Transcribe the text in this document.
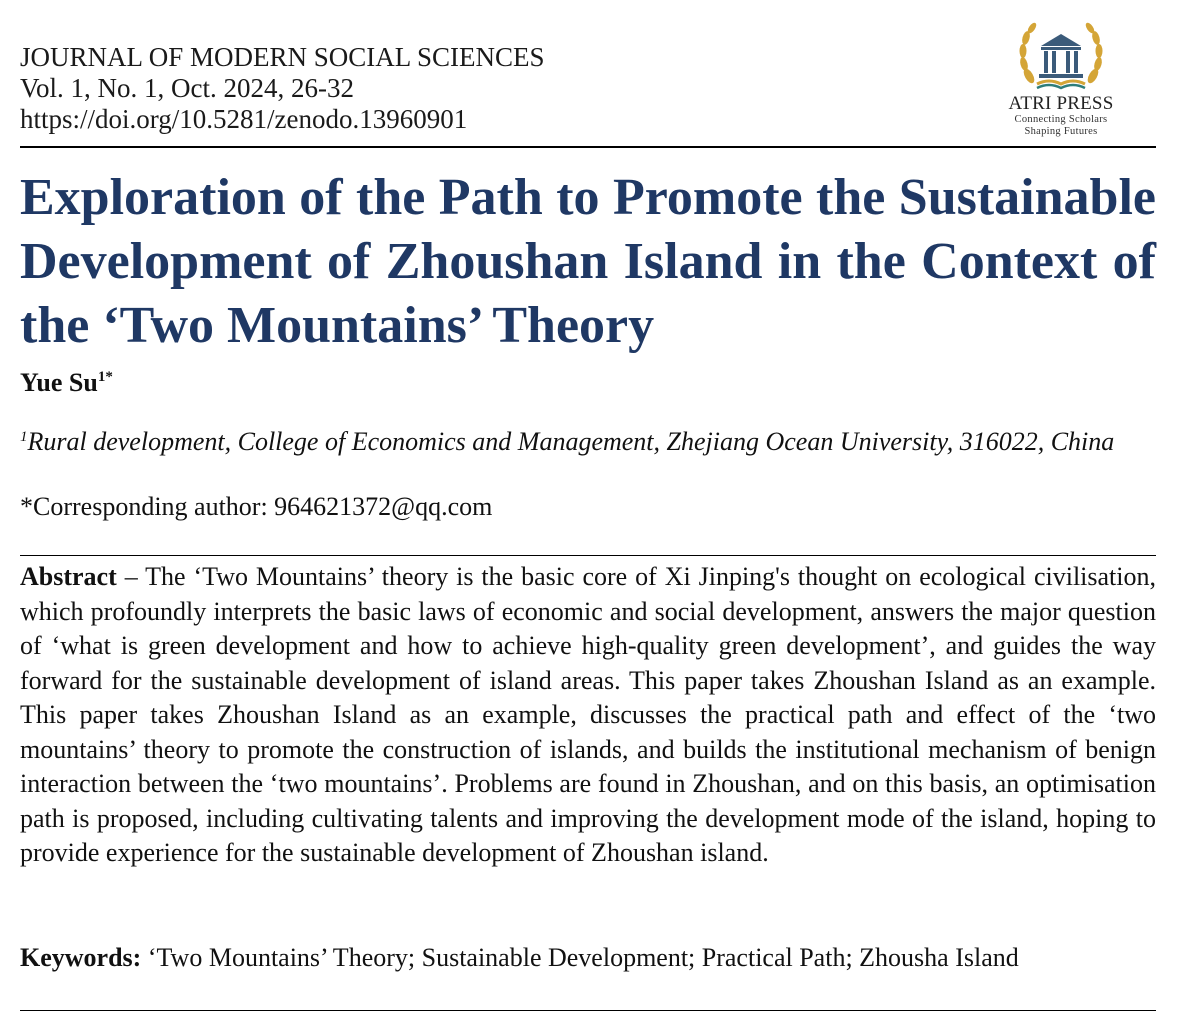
JOURNAL OF MODERN SOCIAL SCIENCES
Vol. 1, No. 1, Oct. 2024, 26-32
https://doi.org/10.5281/zenodo.13960901
ATRI PRESS
Connecting Scholars
Shaping Futures
Exploration of the Path to Promote the Sustainable Development of Zhoushan Island in the Context of the ‘Two Mountains’ Theory
Yue $Su^{1*}$
$^1$Rural development, College of Economics and Management, Zhejiang Ocean University, 316022, China
*Corresponding author: 964621372@qq.com

Abstract – The ‘Two Mountains’ theory is the basic core of Xi Jinping's thought on ecological civilisation, which profoundly interprets the basic laws of economic and social development, answers the major question of ‘what is green development and how to achieve high-quality green development’, and guides the way forward for the sustainable development of island areas. This paper takes Zhoushan Island as an example. This paper takes Zhoushan Island as an example, discusses the practical path and effect of the ‘two mountains’ theory to promote the construction of islands, and builds the institutional mechanism of benign interaction between the ‘two mountains’. Problems are found in Zhoushan, and on this basis, an optimisation path is proposed, including cultivating talents and improving the development mode of the island, hoping to provide experience for the sustainable development of Zhoushan island.

Keywords: ‘Two Mountains’ Theory; Sustainable Development; Practical Path; Zhousha Island
